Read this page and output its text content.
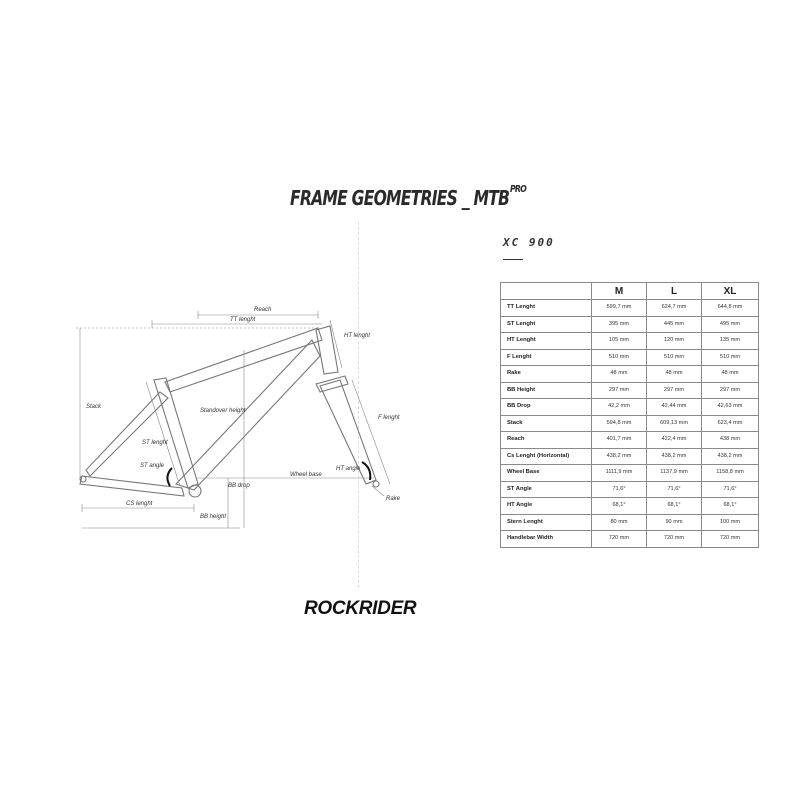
FRAME GEOMETRIES _ $MTB^{PRO}$
Reach
TT lenght
HT lenght
Stack
Standover height
F lenght
ST lenght
ST angle	HT angle
Wheel base
BB drop
CS lenght
BB height
Rake
XC 900
	M	L	XL
TT Lenght	599,7 mm	624,7 mm	644,8 mm
ST Lenght	395 mm	445 mm	495 mm
HT Lenght	105 mm	120 mm	135 mm
F Lenght	510 mm	510 mm	510 mm
Rake	48 mm	48 mm	48 mm
BB Height	297 mm	297 mm	297 mm
BB Drop	42,2 mm	42,44 mm	42,63 mm
Stack	594,8 mm	609,13 mm	623,4 mm
Reach	401,7 mm	422,4 mm	438 mm
Cs Lenght (Horizontal)	438,2 mm	438,2 mm	438,2 mm
Wheel Base	1111,9 mm	1137,9 mm	1158,8 mm
ST Angle	71,6°	71,6°	71,6°
HT Angle	68,1°	68,1°	68,1°
Stern Lenght	80 mm	90 mm	100 mm
Handlebar Width	720 mm	720 mm	720 mm
ROCKRIDER
